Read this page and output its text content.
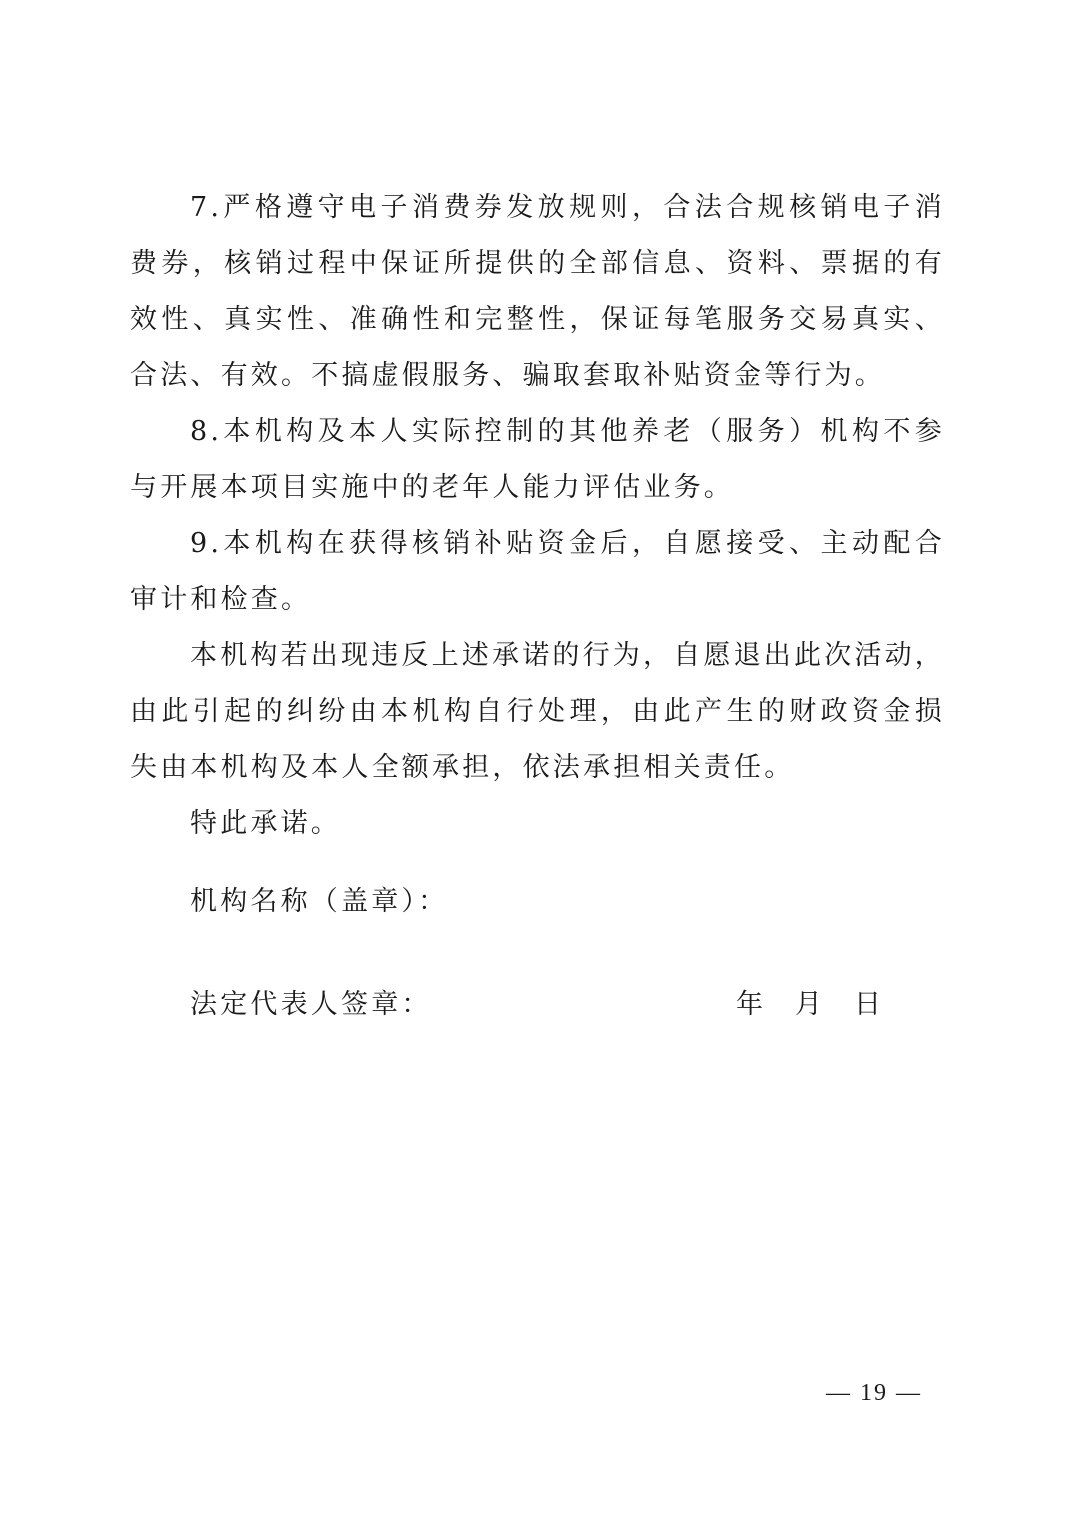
7.严格遵守电子消费券发放规则，合法合规核销电子消费券，核销过程中保证所提供的全部信息、资料、票据的有效性、真实性、准确性和完整性，保证每笔服务交易真实、合法、有效。不搞虚假服务、骗取套取补贴资金等行为。

8.本机构及本人实际控制的其他养老（服务）机构不参与开展本项目实施中的老年人能力评估业务。

9.本机构在获得核销补贴资金后，自愿接受、主动配合审计和检查。

本机构若出现违反上述承诺的行为，自愿退出此次活动，由此引起的纠纷由本机构自行处理，由此产生的财政资金损失由本机构及本人全额承担，依法承担相关责任。

特此承诺。

机构名称（盖章）：

法定代表人签章：	年 月 日

— 19 —
